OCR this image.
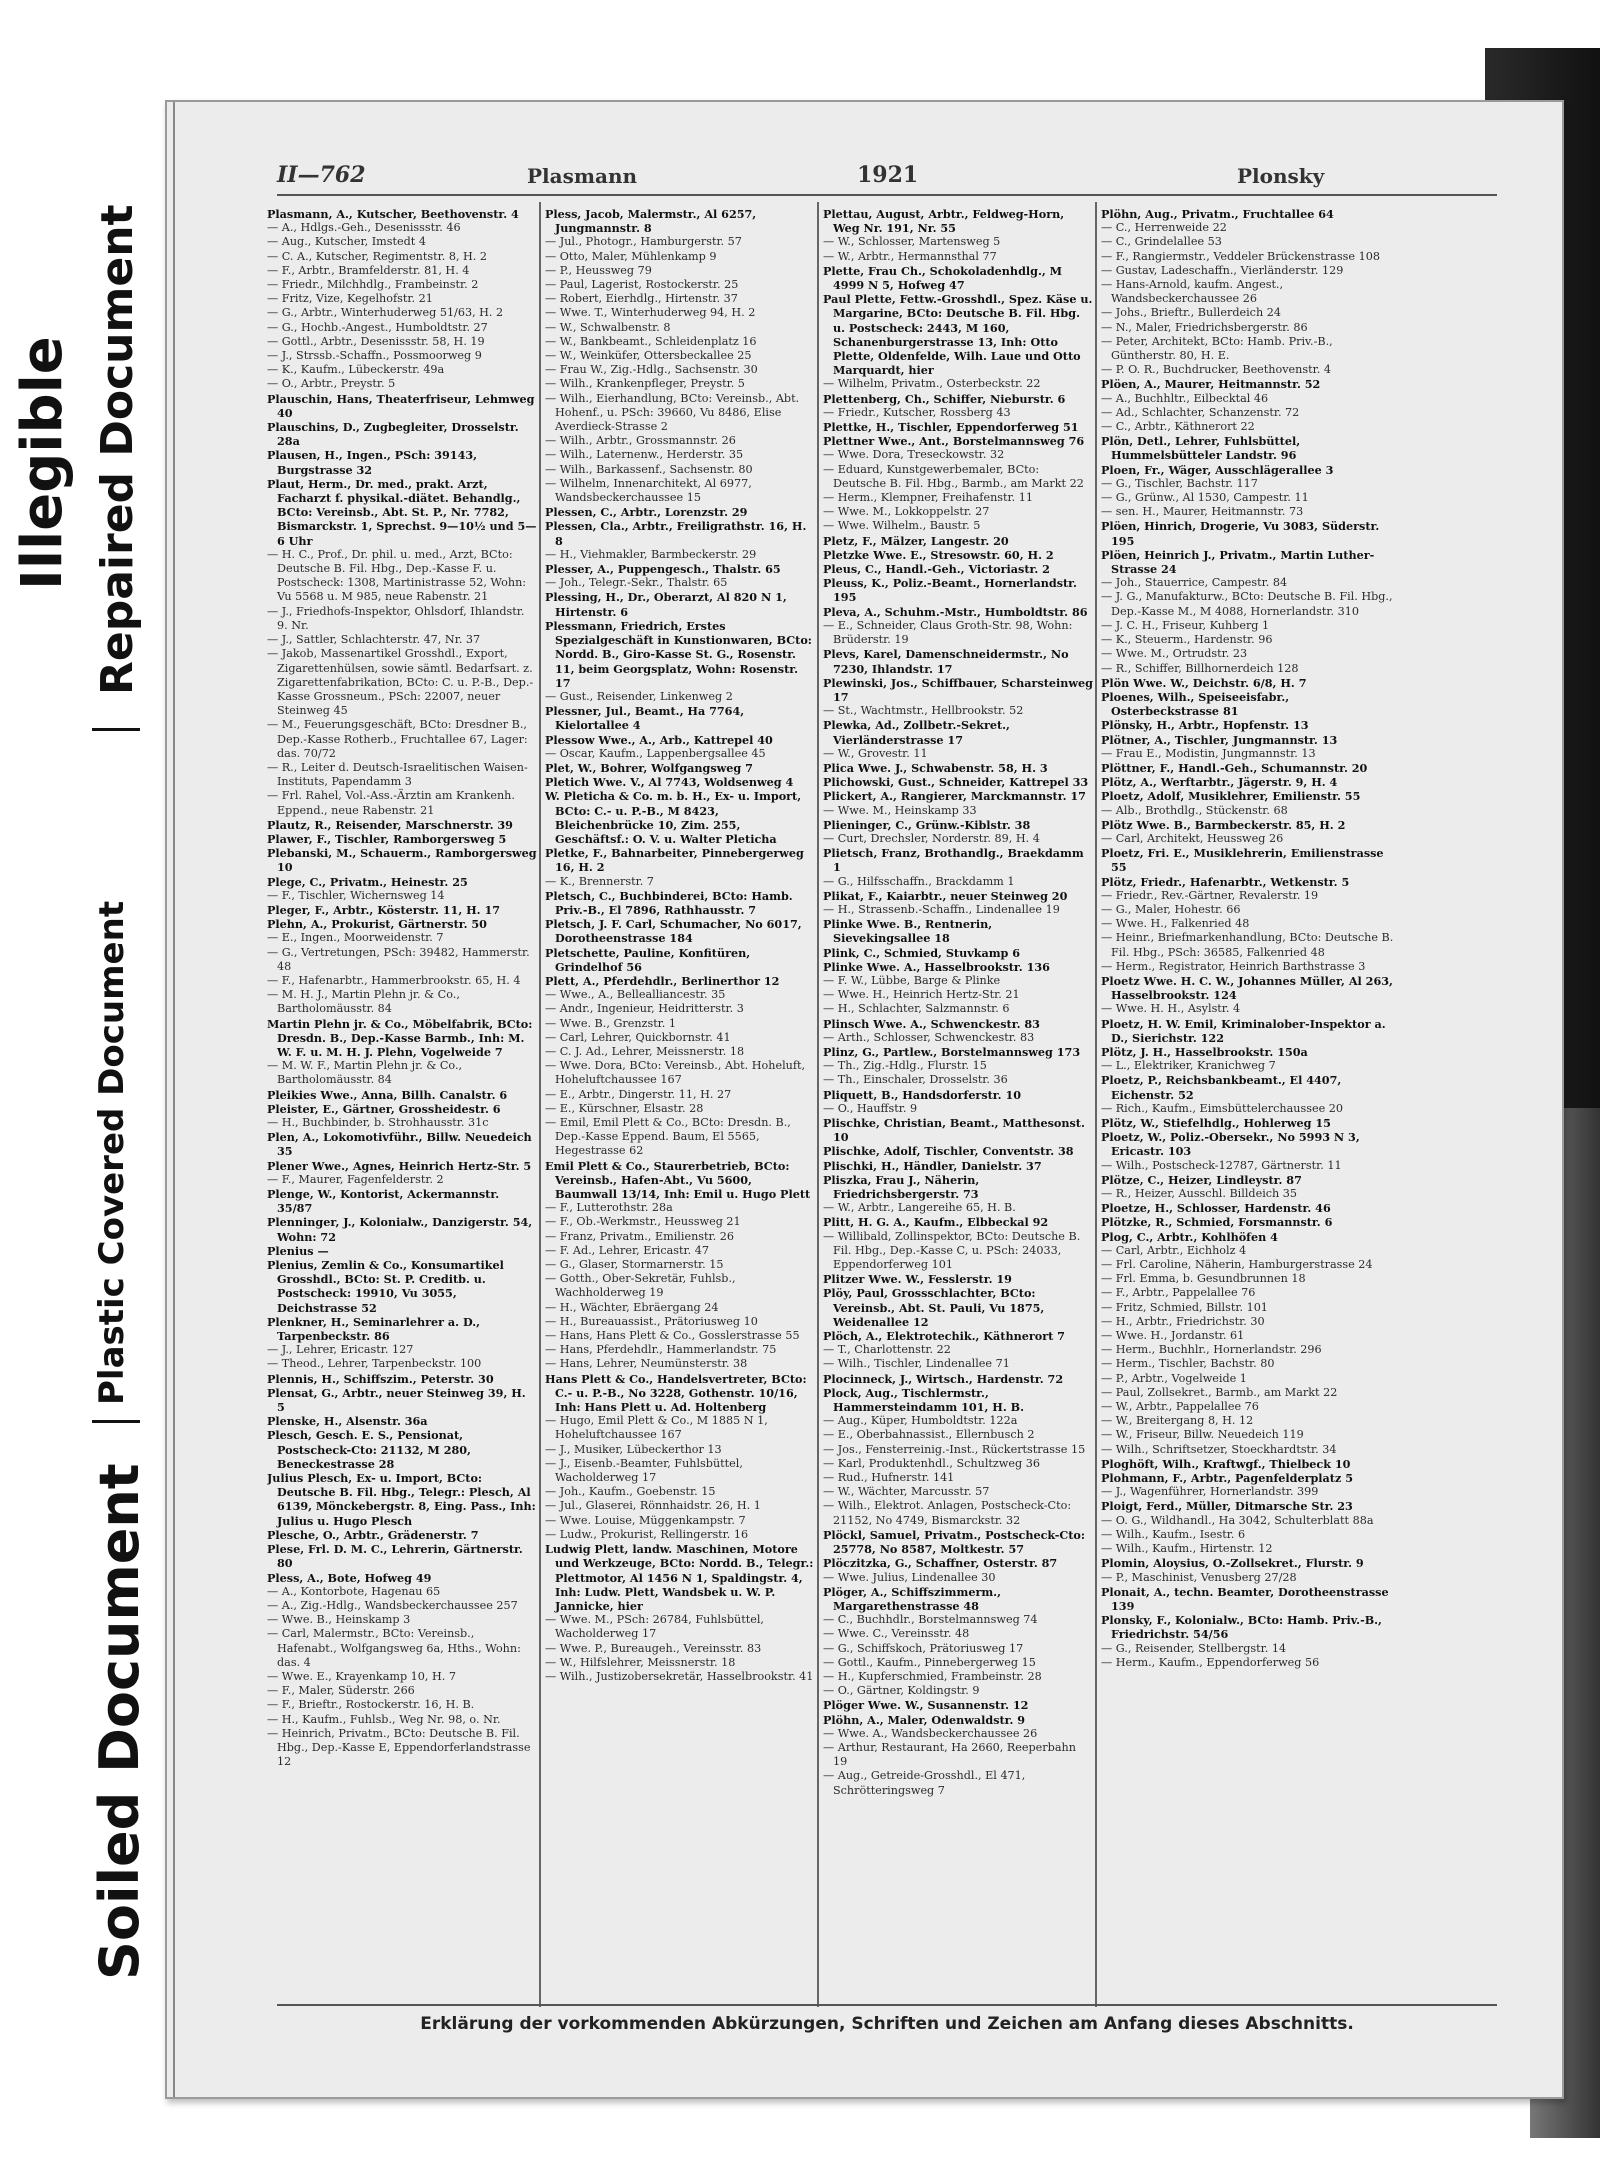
Illegible Repaired Document
Plastic Covered Document
Soiled Document
II—762	Plasmann	1921	Plonsky

Plasmann, A., Kutscher, Beethovenstr. 4

— A., Hdlgs.-Geh., Desenissstr. 46

— Aug., Kutscher, Imstedt 4

— C. A., Kutscher, Regimentstr. 8, H. 2

— F., Arbtr., Bramfelderstr. 81, H. 4

— Friedr., Milchhdlg., Frambeinstr. 2

— Fritz, Vize, Kegelhofstr. 21

— G., Arbtr., Winterhuderweg 51/63, H. 2

— G., Hochb.-Angest., Humboldtstr. 27

— Gottl., Arbtr., Desenissstr. 58, H. 19

— J., Strssb.-Schaffn., Possmoorweg 9

— K., Kaufm., Lübeckerstr. 49a

— O., Arbtr., Preystr. 5

Plauschin, Hans, Theaterfriseur, Lehmweg 40

Plauschins, D., Zugbegleiter, Drosselstr. 28a

Plausen, H., Ingen., PSch: 39143, Burgstrasse 32

Plaut, Herm., Dr. med., prakt. Arzt, Facharzt f. physikal.-diätet. Behandlg., BCto: Vereinsb., Abt. St. P., Nr. 7782, Bismarckstr. 1, Sprechst. 9—10½ und 5—6 Uhr

— H. C., Prof., Dr. phil. u. med., Arzt, BCto: Deutsche B. Fil. Hbg., Dep.-Kasse F. u. Postscheck: 1308, Martinistrasse 52, Wohn: Vu 5568 u. M 985, neue Rabenstr. 21

— J., Friedhofs-Inspektor, Ohlsdorf, Ihlandstr. 9. Nr.

— J., Sattler, Schlachterstr. 47, Nr. 37

— Jakob, Massenartikel Grosshdl., Export, Zigarettenhülsen, sowie sämtl. Bedarfsart. z. Zigarettenfabrikation, BCto: C. u. P.-B., Dep.-Kasse Grossneum., PSch: 22007, neuer Steinweg 45

— M., Feuerungsgeschäft, BCto: Dresdner B., Dep.-Kasse Rotherb., Fruchtallee 67, Lager: das. 70/72

— R., Leiter d. Deutsch-Israelitischen Waisen-Instituts, Papendamm 3

— Frl. Rahel, Vol.-Ass.-Ärztin am Krankenh. Eppend., neue Rabenstr. 21

Plautz, R., Reisender, Marschnerstr. 39

Plawer, F., Tischler, Ramborgersweg 5

Plebanski, M., Schauerm., Ramborgersweg 10

Plege, C., Privatm., Heinestr. 25

— F., Tischler, Wichernsweg 14

Pleger, F., Arbtr., Kösterstr. 11, H. 17

Plehn, A., Prokurist, Gärtnerstr. 50

— E., Ingen., Moorweidenstr. 7

— G., Vertretungen, PSch: 39482, Hammerstr. 48

— F., Hafenarbtr., Hammerbrookstr. 65, H. 4

— M. H. J., Martin Plehn jr. & Co., Bartholomäusstr. 84

Martin Plehn jr. & Co., Möbelfabrik, BCto: Dresdn. B., Dep.-Kasse Barmb., Inh: M. W. F. u. M. H. J. Plehn, Vogelweide 7

— M. W. F., Martin Plehn jr. & Co., Bartholomäusstr. 84

Pleikies Wwe., Anna, Billh. Canalstr. 6

Pleister, E., Gärtner, Grossheidestr. 6

— H., Buchbinder, b. Strohhausstr. 31c

Plen, A., Lokomotivführ., Billw. Neuedeich 35

Plener Wwe., Agnes, Heinrich Hertz-Str. 5

— F., Maurer, Fagenfelderstr. 2

Plenge, W., Kontorist, Ackermannstr. 35/87

Plenninger, J., Kolonialw., Danzigerstr. 54, Wohn: 72

Plenius —

Plenius, Zemlin & Co., Konsumartikel Grosshdl., BCto: St. P. Creditb. u. Postscheck: 19910, Vu 3055, Deichstrasse 52

Plenkner, H., Seminarlehrer a. D., Tarpenbeckstr. 86

— J., Lehrer, Ericastr. 127

— Theod., Lehrer, Tarpenbeckstr. 100

Plennis, H., Schiffszim., Peterstr. 30

Plensat, G., Arbtr., neuer Steinweg 39, H. 5

Plenske, H., Alsenstr. 36a

Plesch, Gesch. E. S., Pensionat, Postscheck-Cto: 21132, M 280, Beneckestrasse 28

Julius Plesch, Ex- u. Import, BCto: Deutsche B. Fil. Hbg., Telegr.: Plesch, Al 6139, Mönckebergstr. 8, Eing. Pass., Inh: Julius u. Hugo Plesch

Plesche, O., Arbtr., Grädenerstr. 7

Plese, Frl. D. M. C., Lehrerin, Gärtnerstr. 80

Pless, A., Bote, Hofweg 49

— A., Kontorbote, Hagenau 65

— A., Zig.-Hdlg., Wandsbeckerchaussee 257

— Wwe. B., Heinskamp 3

— Carl, Malermstr., BCto: Vereinsb., Hafenabt., Wolfgangsweg 6a, Hths., Wohn: das. 4

— Wwe. E., Krayenkamp 10, H. 7

— F., Maler, Süderstr. 266

— F., Brieftr., Rostockerstr. 16, H. B.

— H., Kaufm., Fuhlsb., Weg Nr. 98, o. Nr.

— Heinrich, Privatm., BCto: Deutsche B. Fil. Hbg., Dep.-Kasse E, Eppendorferlandstrasse 12

Pless, Jacob, Malermstr., Al 6257, Jungmannstr. 8

— Jul., Photogr., Hamburgerstr. 57

— Otto, Maler, Mühlenkamp 9

— P., Heussweg 79

— Paul, Lagerist, Rostockerstr. 25

— Robert, Eierhdlg., Hirtenstr. 37

— Wwe. T., Winterhuderweg 94, H. 2

— W., Schwalbenstr. 8

— W., Bankbeamt., Schleidenplatz 16

— W., Weinküfer, Ottersbeckallee 25

— Frau W., Zig.-Hdlg., Sachsenstr. 30

— Wilh., Krankenpfleger, Preystr. 5

— Wilh., Eierhandlung, BCto: Vereinsb., Abt. Hohenf., u. PSch: 39660, Vu 8486, Elise Averdieck-Strasse 2

— Wilh., Arbtr., Grossmannstr. 26

— Wilh., Laternenw., Herderstr. 35

— Wilh., Barkassenf., Sachsenstr. 80

— Wilhelm, Innenarchitekt, Al 6977, Wandsbeckerchaussee 15

Plessen, C., Arbtr., Lorenzstr. 29

Plessen, Cla., Arbtr., Freiligrathstr. 16, H. 8

— H., Viehmakler, Barmbeckerstr. 29

Plesser, A., Puppengesch., Thalstr. 65

— Joh., Telegr.-Sekr., Thalstr. 65

Plessing, H., Dr., Oberarzt, Al 820 N 1, Hirtenstr. 6

Plessmann, Friedrich, Erstes Spezialgeschäft in Kunstionwaren, BCto: Nordd. B., Giro-Kasse St. G., Rosenstr. 11, beim Georgsplatz, Wohn: Rosenstr. 17

— Gust., Reisender, Linkenweg 2

Plessner, Jul., Beamt., Ha 7764, Kielortallee 4

Plessow Wwe., A., Arb., Kattrepel 40

— Oscar, Kaufm., Lappenbergsallee 45

Plet, W., Bohrer, Wolfgangsweg 7

Pletich Wwe. V., Al 7743, Woldsenweg 4

W. Pleticha & Co. m. b. H., Ex- u. Import, BCto: C.- u. P.-B., M 8423, Bleichenbrücke 10, Zim. 255, Geschäftsf.: O. V. u. Walter Pleticha

Pletke, F., Bahnarbeiter, Pinnebergerweg 16, H. 2

— K., Brennerstr. 7

Pletsch, C., Buchbinderei, BCto: Hamb. Priv.-B., El 7896, Rathhausstr. 7

Pletsch, J. F. Carl, Schumacher, No 6017, Dorotheenstrasse 184

Pletschette, Pauline, Konfitüren, Grindelhof 56

Plett, A., Pferdehdlr., Berlinerthor 12

— Wwe., A., Bellealliancestr. 35

— Andr., Ingenieur, Heidritterstr. 3

— Wwe. B., Grenzstr. 1

— Carl, Lehrer, Quickbornstr. 41

— C. J. Ad., Lehrer, Meissnerstr. 18

— Wwe. Dora, BCto: Vereinsb., Abt. Hoheluft, Hoheluftchaussee 167

— E., Arbtr., Dingerstr. 11, H. 27

— E., Kürschner, Elsastr. 28

— Emil, Emil Plett & Co., BCto: Dresdn. B., Dep.-Kasse Eppend. Baum, El 5565, Hegestrasse 62

Emil Plett & Co., Staurerbetrieb, BCto: Vereinsb., Hafen-Abt., Vu 5600, Baumwall 13/14, Inh: Emil u. Hugo Plett

— F., Lutterothstr. 28a

— F., Ob.-Werkmstr., Heussweg 21

— Franz, Privatm., Emilienstr. 26

— F. Ad., Lehrer, Ericastr. 47

— G., Glaser, Stormarnerstr. 15

— Gotth., Ober-Sekretär, Fuhlsb., Wachholderweg 19

— H., Wächter, Ebräergang 24

— H., Bureauassist., Prätoriusweg 10

— Hans, Hans Plett & Co., Gosslerstrasse 55

— Hans, Pferdehdlr., Hammerlandstr. 75

— Hans, Lehrer, Neumünsterstr. 38

Hans Plett & Co., Handelsvertreter, BCto: C.- u. P.-B., No 3228, Gothenstr. 10/16, Inh: Hans Plett u. Ad. Holtenberg

— Hugo, Emil Plett & Co., M 1885 N 1, Hoheluftchaussee 167

— J., Musiker, Lübeckerthor 13

— J., Eisenb.-Beamter, Fuhlsbüttel, Wacholderweg 17

— Joh., Kaufm., Goebenstr. 15

— Jul., Glaserei, Rönnhaidstr. 26, H. 1

— Wwe. Louise, Müggenkampstr. 7

— Ludw., Prokurist, Rellingerstr. 16

Ludwig Plett, landw. Maschinen, Motore und Werkzeuge, BCto: Nordd. B., Telegr.: Plettmotor, Al 1456 N 1, Spaldingstr. 4, Inh: Ludw. Plett, Wandsbek u. W. P. Jannicke, hier

— Wwe. M., PSch: 26784, Fuhlsbüttel, Wacholderweg 17

— Wwe. P., Bureaugeh., Vereinsstr. 83

— W., Hilfslehrer, Meissnerstr. 18

— Wilh., Justizobersekretär, Hasselbrookstr. 41

Plettau, August, Arbtr., Feldweg-Horn, Weg Nr. 191, Nr. 55

— W., Schlosser, Martensweg 5

— W., Arbtr., Hermannsthal 77

Plette, Frau Ch., Schokoladenhdlg., M 4999 N 5, Hofweg 47

Paul Plette, Fettw.-Grosshdl., Spez. Käse u. Margarine, BCto: Deutsche B. Fil. Hbg. u. Postscheck: 2443, M 160, Schanenburgerstrasse 13, Inh: Otto Plette, Oldenfelde, Wilh. Laue und Otto Marquardt, hier

— Wilhelm, Privatm., Osterbeckstr. 22

Plettenberg, Ch., Schiffer, Nieburstr. 6

— Friedr., Kutscher, Rossberg 43

Plettke, H., Tischler, Eppendorferweg 51

Plettner Wwe., Ant., Borstelmannsweg 76

— Wwe. Dora, Treseckowstr. 32

— Eduard, Kunstgewerbemaler, BCto: Deutsche B. Fil. Hbg., Barmb., am Markt 22

— Herm., Klempner, Freihafenstr. 11

— Wwe. M., Lokkoppelstr. 27

— Wwe. Wilhelm., Baustr. 5

Pletz, F., Mälzer, Langestr. 20

Pletzke Wwe. E., Stresowstr. 60, H. 2

Pleus, C., Handl.-Geh., Victoriastr. 2

Pleuss, K., Poliz.-Beamt., Hornerlandstr. 195

Pleva, A., Schuhm.-Mstr., Humboldtstr. 86

— E., Schneider, Claus Groth-Str. 98, Wohn: Brüderstr. 19

Plevs, Karel, Damenschneidermstr., No 7230, Ihlandstr. 17

Plewinski, Jos., Schiffbauer, Scharsteinweg 17

— St., Wachtmstr., Hellbrookstr. 52

Plewka, Ad., Zollbetr.-Sekret., Vierländerstrasse 17

— W., Grovestr. 11

Plica Wwe. J., Schwabenstr. 58, H. 3

Plichowski, Gust., Schneider, Kattrepel 33

Plickert, A., Rangierer, Marckmannstr. 17

— Wwe. M., Heinskamp 33

Plieninger, C., Grünw.-Kiblstr. 38

— Curt, Drechsler, Norderstr. 89, H. 4

Plietsch, Franz, Brothandlg., Braekdamm 1

— G., Hilfsschaffn., Brackdamm 1

Plikat, F., Kaiarbtr., neuer Steinweg 20

— H., Strassenb.-Schaffn., Lindenallee 19

Plinke Wwe. B., Rentnerin, Sievekingsallee 18

Plink, C., Schmied, Stuvkamp 6

Plinke Wwe. A., Hasselbrookstr. 136

— F. W., Lübbe, Barge & Plinke

— Wwe. H., Heinrich Hertz-Str. 21

— H., Schlachter, Salzmannstr. 6

Plinsch Wwe. A., Schwenckestr. 83

— Arth., Schlosser, Schwenckestr. 83

Plinz, G., Partlew., Borstelmannsweg 173

— Th., Zig.-Hdlg., Flurstr. 15

— Th., Einschaler, Drosselstr. 36

Pliquett, B., Handsdorferstr. 10

— O., Hauffstr. 9

Plischke, Christian, Beamt., Matthesonst. 10

Plischke, Adolf, Tischler, Conventstr. 38

Plischki, H., Händler, Danielstr. 37

Pliszka, Frau J., Näherin, Friedrichsbergerstr. 73

— W., Arbtr., Langereihe 65, H. B.

Plitt, H. G. A., Kaufm., Elbbeckal 92

— Willibald, Zollinspektor, BCto: Deutsche B. Fil. Hbg., Dep.-Kasse C, u. PSch: 24033, Eppendorferweg 101

Plitzer Wwe. W., Fesslerstr. 19

Plöy, Paul, Grossschlachter, BCto: Vereinsb., Abt. St. Pauli, Vu 1875, Weidenallee 12

Plöch, A., Elektrotechik., Käthnerort 7

— T., Charlottenstr. 22

— Wilh., Tischler, Lindenallee 71

Plocinneck, J., Wirtsch., Hardenstr. 72

Plock, Aug., Tischlermstr., Hammersteindamm 101, H. B.

— Aug., Küper, Humboldtstr. 122a

— E., Oberbahnassist., Ellernbusch 2

— Jos., Fensterreinig.-Inst., Rückertstrasse 15

— Karl, Produktenhdl., Schultzweg 36

— Rud., Hufnerstr. 141

— W., Wächter, Marcusstr. 57

— Wilh., Elektrot. Anlagen, Postscheck-Cto: 21152, No 4749, Bismarckstr. 32

Plöckl, Samuel, Privatm., Postscheck-Cto: 25778, No 8587, Moltkestr. 57

Plöczitzka, G., Schaffner, Osterstr. 87

— Wwe. Julius, Lindenallee 30

Plöger, A., Schiffszimmerm., Margarethenstrasse 48

— C., Buchhdlr., Borstelmannsweg 74

— Wwe. C., Vereinsstr. 48

— G., Schiffskoch, Prätoriusweg 17

— Gottl., Kaufm., Pinnebergerweg 15

— H., Kupferschmied, Frambeinstr. 28

— O., Gärtner, Koldingstr. 9

Plöger Wwe. W., Susannenstr. 12

Plöhn, A., Maler, Odenwaldstr. 9

— Wwe. A., Wandsbeckerchaussee 26

— Arthur, Restaurant, Ha 2660, Reeperbahn 19

— Aug., Getreide-Grosshdl., El 471, Schrötteringsweg 7

Plöhn, Aug., Privatm., Fruchtallee 64

— C., Herrenweide 22

— C., Grindelallee 53

— F., Rangiermstr., Veddeler Brückenstrasse 108

— Gustav, Ladeschaffn., Vierländerstr. 129

— Hans-Arnold, kaufm. Angest., Wandsbeckerchaussee 26

— Johs., Brieftr., Bullerdeich 24

— N., Maler, Friedrichsbergerstr. 86

— Peter, Architekt, BCto: Hamb. Priv.-B., Güntherstr. 80, H. E.

— P. O. R., Buchdrucker, Beethovenstr. 4

Plöen, A., Maurer, Heitmannstr. 52

— A., Buchhltr., Eilbecktal 46

— Ad., Schlachter, Schanzenstr. 72

— C., Arbtr., Käthnerort 22

Plön, Detl., Lehrer, Fuhlsbüttel, Hummelsbütteler Landstr. 96

Ploen, Fr., Wäger, Ausschlägerallee 3

— G., Tischler, Bachstr. 117

— G., Grünw., Al 1530, Campestr. 11

— sen. H., Maurer, Heitmannstr. 73

Plöen, Hinrich, Drogerie, Vu 3083, Süderstr. 195

Plöen, Heinrich J., Privatm., Martin Luther-Strasse 24

— Joh., Stauerrice, Campestr. 84

— J. G., Manufakturw., BCto: Deutsche B. Fil. Hbg., Dep.-Kasse M., M 4088, Hornerlandstr. 310

— J. C. H., Friseur, Kuhberg 1

— K., Steuerm., Hardenstr. 96

— Wwe. M., Ortrudstr. 23

— R., Schiffer, Billhornerdeich 128

Plön Wwe. W., Deichstr. 6/8, H. 7

Ploenes, Wilh., Speiseeisfabr., Osterbeckstrasse 81

Plönsky, H., Arbtr., Hopfenstr. 13

Plötner, A., Tischler, Jungmannstr. 13

— Frau E., Modistin, Jungmannstr. 13

Plöttner, F., Handl.-Geh., Schumannstr. 20

Plötz, A., Werftarbtr., Jägerstr. 9, H. 4

Ploetz, Adolf, Musiklehrer, Emilienstr. 55

— Alb., Brothdlg., Stückenstr. 68

Plötz Wwe. B., Barmbeckerstr. 85, H. 2

— Carl, Architekt, Heussweg 26

Ploetz, Fri. E., Musiklehrerin, Emilienstrasse 55

Plötz, Friedr., Hafenarbtr., Wetkenstr. 5

— Friedr., Rev.-Gärtner, Revalerstr. 19

— G., Maler, Hohestr. 66

— Wwe. H., Falkenried 48

— Heinr., Briefmarkenhandlung, BCto: Deutsche B. Fil. Hbg., PSch: 36585, Falkenried 48

— Herm., Registrator, Heinrich Barthstrasse 3

Ploetz Wwe. H. C. W., Johannes Müller, Al 263, Hasselbrookstr. 124

— Wwe. H. H., Asylstr. 4

Ploetz, H. W. Emil, Kriminalober-Inspektor a. D., Sierichstr. 122

Plötz, J. H., Hasselbrookstr. 150a

— L., Elektriker, Kranichweg 7

Ploetz, P., Reichsbankbeamt., El 4407, Eichenstr. 52

— Rich., Kaufm., Eimsbüttelerchaussee 20

Plötz, W., Stiefelhdlg., Hohlerweg 15

Ploetz, W., Poliz.-Obersekr., No 5993 N 3, Ericastr. 103

— Wilh., Postscheck-12787, Gärtnerstr. 11

Plötze, C., Heizer, Lindleystr. 87

— R., Heizer, Ausschl. Billdeich 35

Ploetze, H., Schlosser, Hardenstr. 46

Plötzke, R., Schmied, Forsmannstr. 6

Plog, C., Arbtr., Kohlhöfen 4

— Carl, Arbtr., Eichholz 4

— Frl. Caroline, Näherin, Hamburgerstrasse 24

— Frl. Emma, b. Gesundbrunnen 18

— F., Arbtr., Pappelallee 76

— Fritz, Schmied, Billstr. 101

— H., Arbtr., Friedrichstr. 30

— Wwe. H., Jordanstr. 61

— Herm., Buchhlr., Hornerlandstr. 296

— Herm., Tischler, Bachstr. 80

— P., Arbtr., Vogelweide 1

— Paul, Zollsekret., Barmb., am Markt 22

— W., Arbtr., Pappelallee 76

— W., Breitergang 8, H. 12

— W., Friseur, Billw. Neuedeich 119

— Wilh., Schriftsetzer, Stoeckhardtstr. 34

Ploghöft, Wilh., Kraftwgf., Thielbeck 10

Plohmann, F., Arbtr., Pagenfelderplatz 5

— J., Wagenführer, Hornerlandstr. 399

Ploigt, Ferd., Müller, Ditmarsche Str. 23

— O. G., Wildhandl., Ha 3042, Schulterblatt 88a

— Wilh., Kaufm., Isestr. 6

— Wilh., Kaufm., Hirtenstr. 12

Plomin, Aloysius, O.-Zollsekret., Flurstr. 9

— P., Maschinist, Venusberg 27/28

Plonait, A., techn. Beamter, Dorotheenstrasse 139

Plonsky, F., Kolonialw., BCto: Hamb. Priv.-B., Friedrichstr. 54/56

— G., Reisender, Stellbergstr. 14

— Herm., Kaufm., Eppendorferweg 56

Erklärung der vorkommenden Abkürzungen, Schriften und Zeichen am Anfang dieses Abschnitts.
